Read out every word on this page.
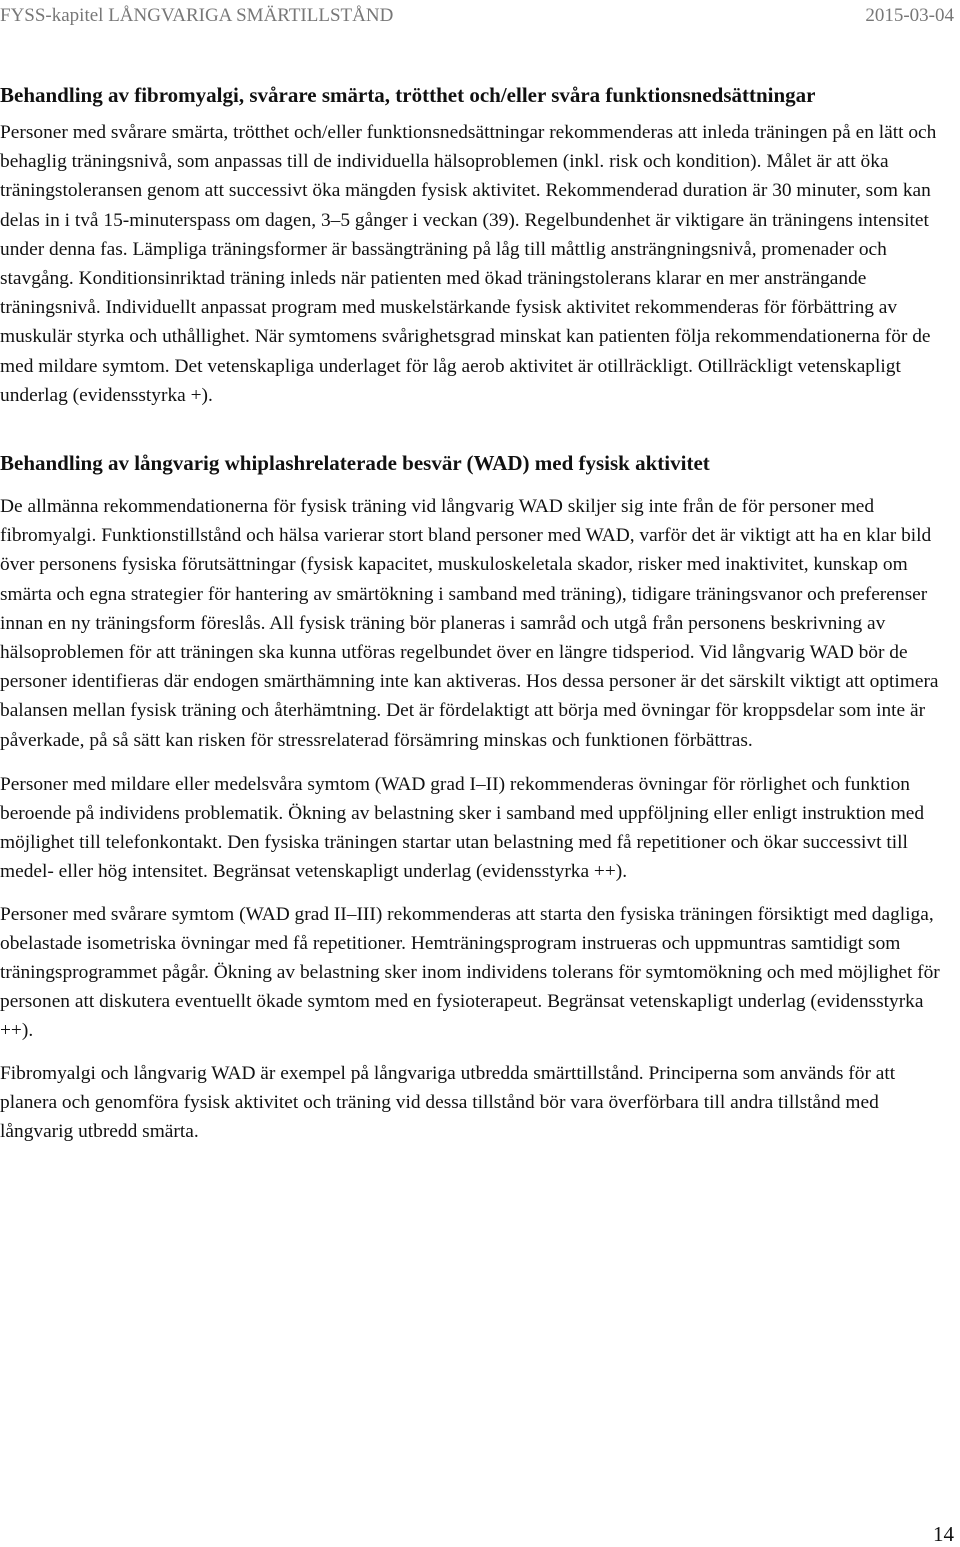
FYSS-kapitel LÅNGVARIGA SMÄRTILLSTÅND	2015-03-04
Behandling av fibromyalgi, svårare smärta, trötthet och/eller svåra funktionsnedsättningar

Personer med svårare smärta, trötthet och/eller funktionsnedsättningar rekommenderas att inleda träningen på en lätt och behaglig träningsnivå, som anpassas till de individuella hälsoproblemen (inkl. risk och kondition). Målet är att öka träningstoleransen genom att successivt öka mängden fysisk aktivitet. Rekommenderad duration är 30 minuter, som kan delas in i två 15-minuterspass om dagen, 3–5 gånger i veckan (39). Regelbundenhet är viktigare än träningens intensitet under denna fas. Lämpliga träningsformer är bassängträning på låg till måttlig ansträngningsnivå, promenader och stavgång. Konditionsinriktad träning inleds när patienten med ökad träningstolerans klarar en mer ansträngande träningsnivå. Individuellt anpassat program med muskelstärkande fysisk aktivitet rekommenderas för förbättring av muskulär styrka och uthållighet. När symtomens svårighetsgrad minskat kan patienten följa rekommendationerna för de med mildare symtom. Det vetenskapliga underlaget för låg aerob aktivitet är otillräckligt. Otillräckligt vetenskapligt underlag (evidensstyrka +).

Behandling av långvarig whiplashrelaterade besvär (WAD) med fysisk aktivitet

De allmänna rekommendationerna för fysisk träning vid långvarig WAD skiljer sig inte från de för personer med fibromyalgi. Funktionstillstånd och hälsa varierar stort bland personer med WAD, varför det är viktigt att ha en klar bild över personens fysiska förutsättningar (fysisk kapacitet, muskuloskeletala skador, risker med inaktivitet, kunskap om smärta och egna strategier för hantering av smärtökning i samband med träning), tidigare träningsvanor och preferenser innan en ny träningsform föreslås. All fysisk träning bör planeras i samråd och utgå från personens beskrivning av hälsoproblemen för att träningen ska kunna utföras regelbundet över en längre tidsperiod. Vid långvarig WAD bör de personer identifieras där endogen smärthämning inte kan aktiveras. Hos dessa personer är det särskilt viktigt att optimera balansen mellan fysisk träning och återhämtning. Det är fördelaktigt att börja med övningar för kroppsdelar som inte är påverkade, på så sätt kan risken för stressrelaterad försämring minskas och funktionen förbättras.

Personer med mildare eller medelsvåra symtom (WAD grad I–II) rekommenderas övningar för rörlighet och funktion beroende på individens problematik. Ökning av belastning sker i samband med uppföljning eller enligt instruktion med möjlighet till telefonkontakt. Den fysiska träningen startar utan belastning med få repetitioner och ökar successivt till medel- eller hög intensitet. Begränsat vetenskapligt underlag (evidensstyrka ++).

Personer med svårare symtom (WAD grad II–III) rekommenderas att starta den fysiska träningen försiktigt med dagliga, obelastade isometriska övningar med få repetitioner. Hemträningsprogram instrueras och uppmuntras samtidigt som träningsprogrammet pågår. Ökning av belastning sker inom individens tolerans för symtomökning och med möjlighet för personen att diskutera eventuellt ökade symtom med en fysioterapeut. Begränsat vetenskapligt underlag (evidensstyrka ++).

Fibromyalgi och långvarig WAD är exempel på långvariga utbredda smärttillstånd. Principerna som används för att planera och genomföra fysisk aktivitet och träning vid dessa tillstånd bör vara överförbara till andra tillstånd med långvarig utbredd smärta.

14
